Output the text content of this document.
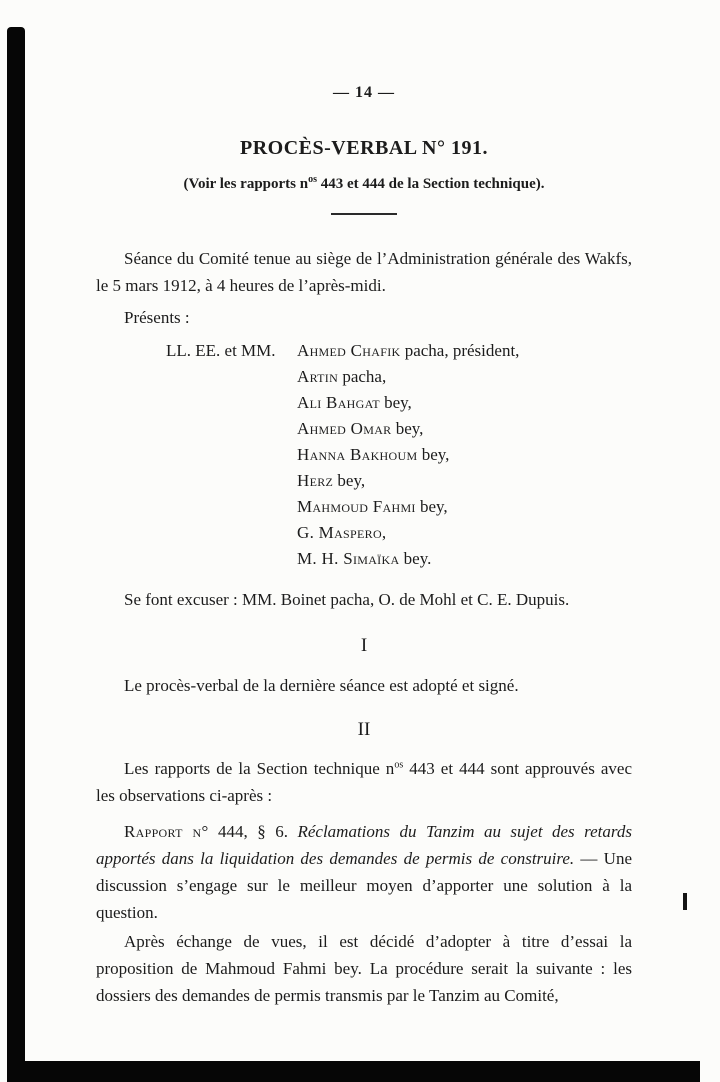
— 14 —
PROCÈS-VERBAL N° 191.
(Voir les rapports $n^{os}$ 443 et 444 de la Section technique).

Séance du Comité tenue au siège de l’Administration générale des Wakfs, le 5 mars 1912, à 4 heures de l’après-midi.

Présents :

LL. EE. et MM. Ahmed Chafik pacha, président,
Artin pacha,
Ali Bahgat bey,
Ahmed Omar bey,
Hanna Bakhoum bey,
Herz bey,
Mahmoud Fahmi bey,
G. Maspero,
M. H. Simaïka bey.

Se font excuser : MM. Boinet pacha, O. de Mohl et C. E. Dupuis.

I

Le procès-verbal de la dernière séance est adopté et signé.

II

Les rapports de la Section technique $n^{os}$ 443 et 444 sont approuvés avec les observations ci-après :

Rapport n° 444, § 6. Réclamations du Tanzim au sujet des retards apportés dans la liquidation des demandes de permis de construire. — Une discussion s’engage sur le meilleur moyen d’apporter une solution à la question.

Après échange de vues, il est décidé d’adopter à titre d’essai la proposition de Mahmoud Fahmi bey. La procédure serait la suivante : les dossiers des demandes de permis transmis par le Tanzim au Comité,
